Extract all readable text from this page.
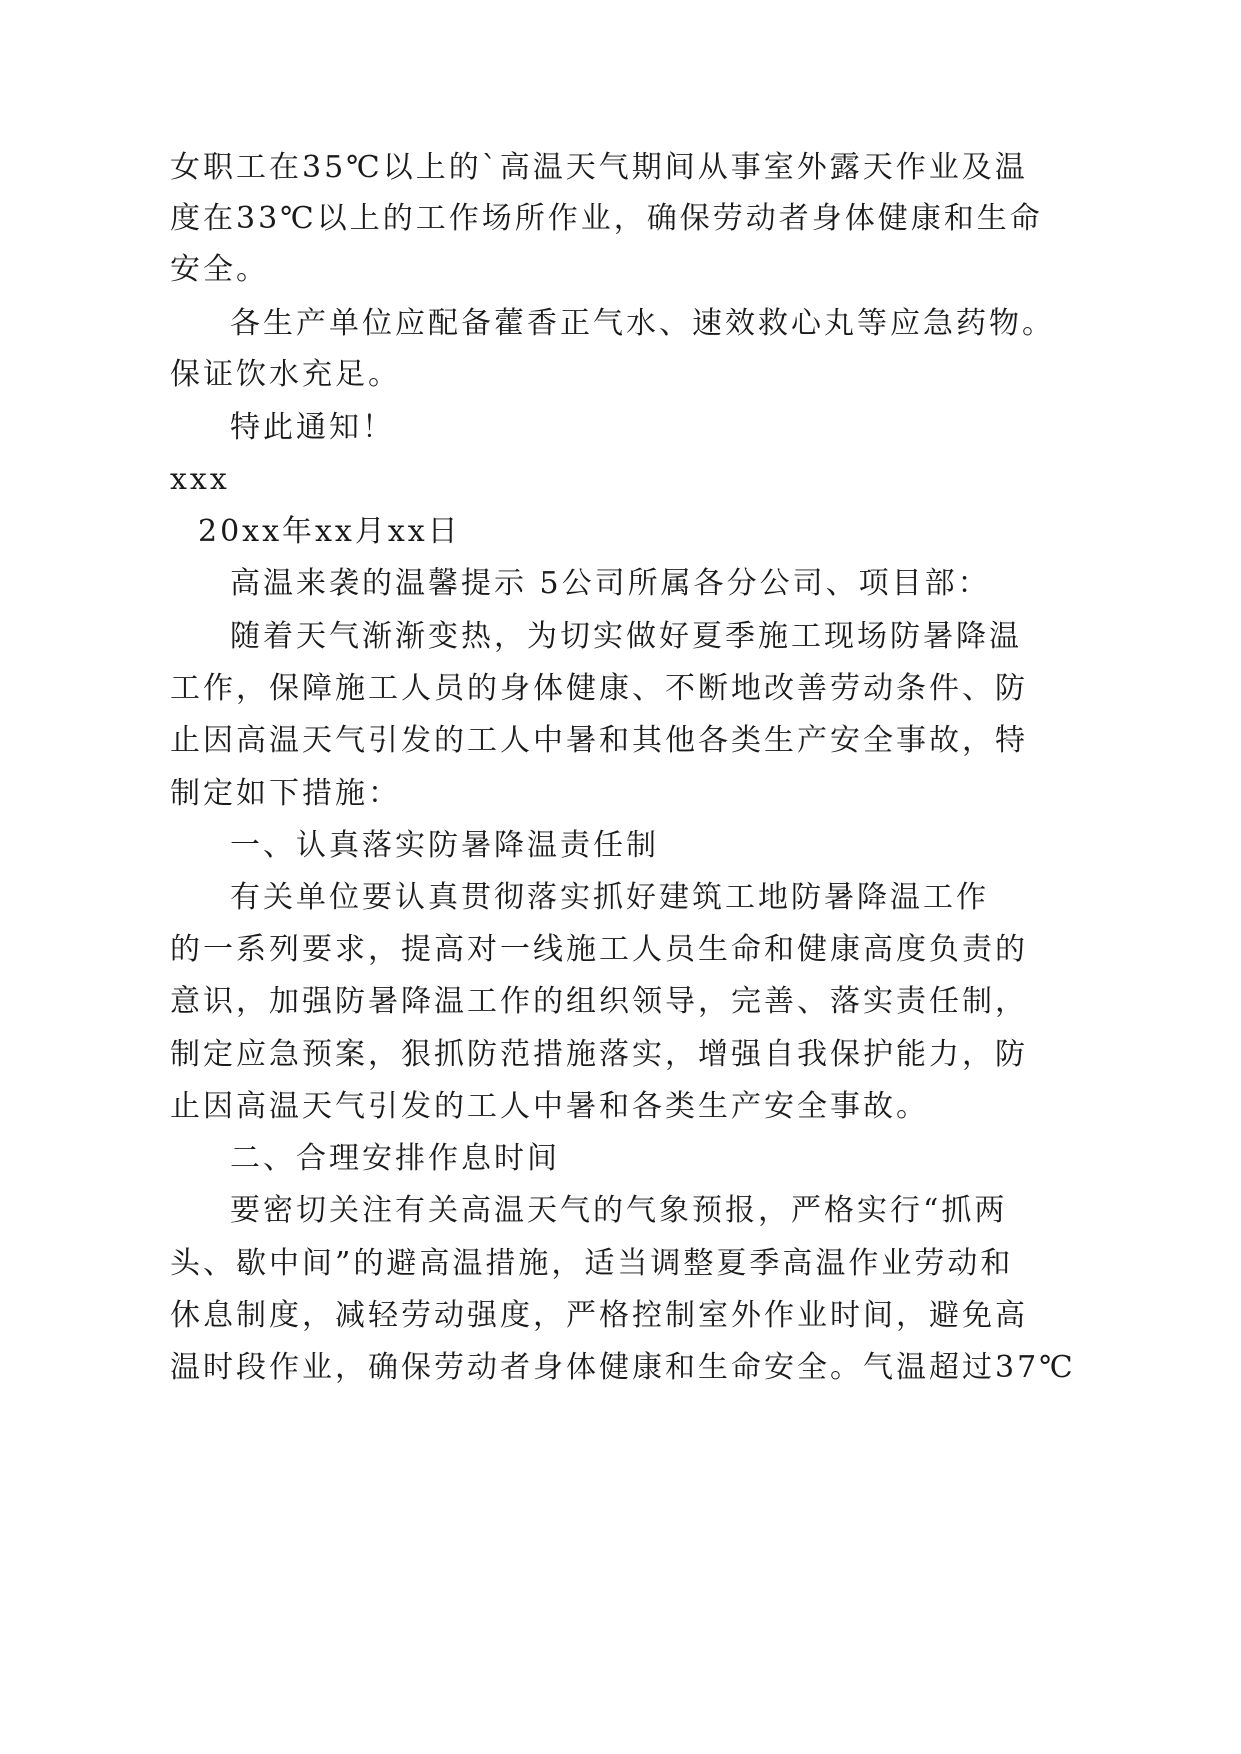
女职工在35℃以上的`高温天气期间从事室外露天作业及温
度在33℃以上的工作场所作业，确保劳动者身体健康和生命
安全。
各生产单位应配备藿香正气水、速效救心丸等应急药物。
保证饮水充足。
特此通知！
xxx
20xx年xx月xx日
高温来袭的温馨提示 5公司所属各分公司、项目部：
随着天气渐渐变热，为切实做好夏季施工现场防暑降温
工作，保障施工人员的身体健康、不断地改善劳动条件、防
止因高温天气引发的工人中暑和其他各类生产安全事故，特
制定如下措施：
一、认真落实防暑降温责任制
有关单位要认真贯彻落实抓好建筑工地防暑降温工作
的一系列要求，提高对一线施工人员生命和健康高度负责的
意识，加强防暑降温工作的组织领导，完善、落实责任制，
制定应急预案，狠抓防范措施落实，增强自我保护能力，防
止因高温天气引发的工人中暑和各类生产安全事故。
二、合理安排作息时间
要密切关注有关高温天气的气象预报，严格实行“抓两
头、歇中间”的避高温措施，适当调整夏季高温作业劳动和
休息制度，减轻劳动强度，严格控制室外作业时间，避免高
温时段作业，确保劳动者身体健康和生命安全。气温超过37℃
